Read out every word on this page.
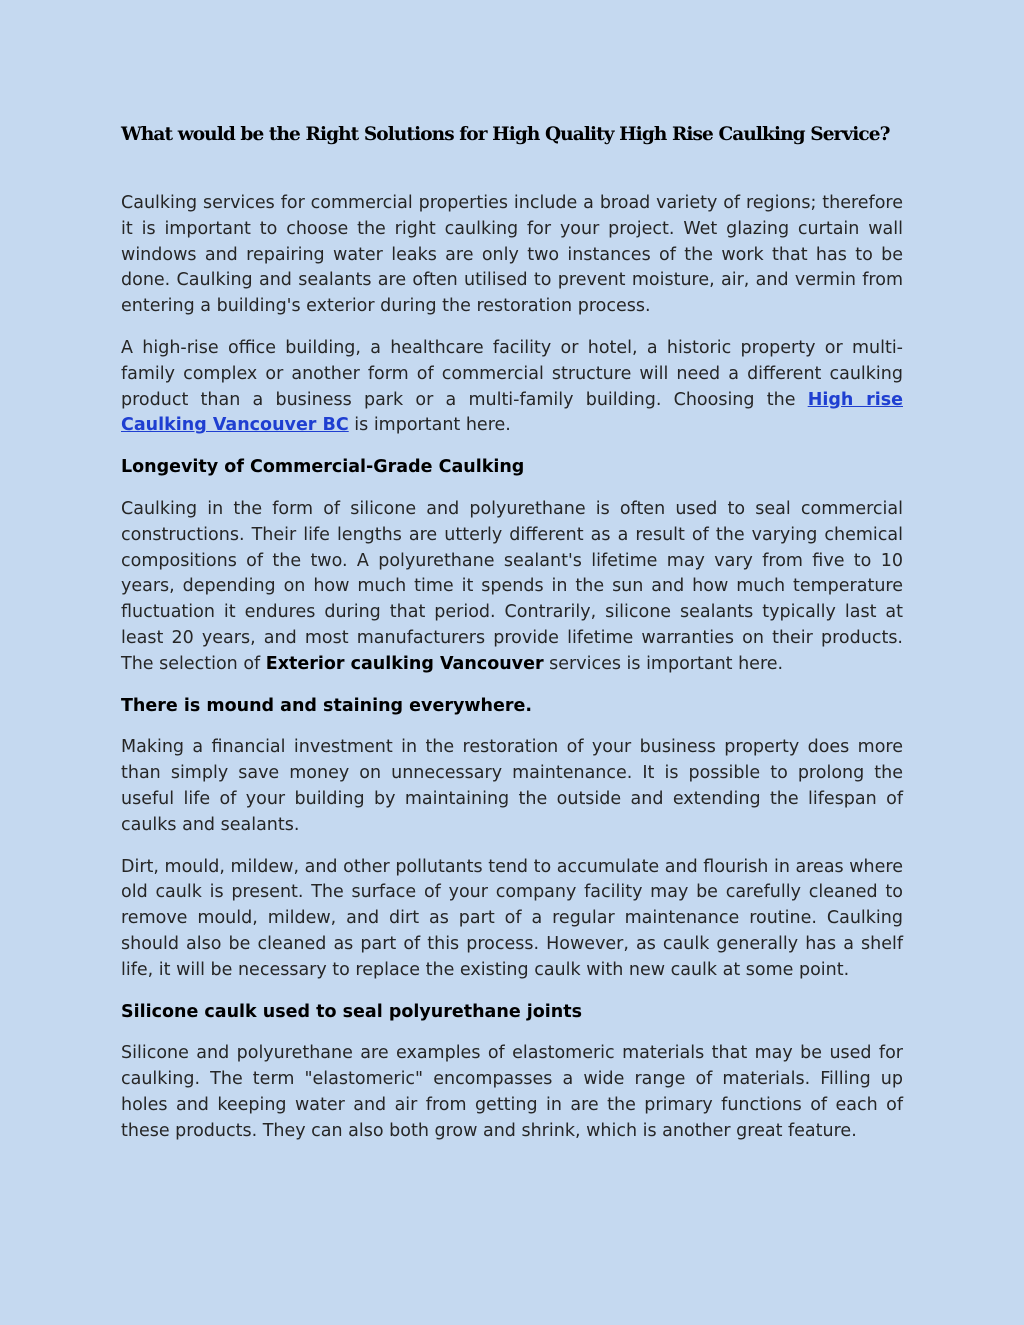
What would be the Right Solutions for High Quality High Rise Caulking Service?

Caulking services for commercial properties include a broad variety of regions; therefore it is important to choose the right caulking for your project. Wet glazing curtain wall windows and repairing water leaks are only two instances of the work that has to be done. Caulking and sealants are often utilised to prevent moisture, air, and vermin from entering a building's exterior during the restoration process.

A high-rise office building, a healthcare facility or hotel, a historic property or multi-family complex or another form of commercial structure will need a different caulking product than a business park or a multi-family building. Choosing the High rise Caulking Vancouver BC is important here.

Longevity of Commercial-Grade Caulking

Caulking in the form of silicone and polyurethane is often used to seal commercial constructions. Their life lengths are utterly different as a result of the varying chemical compositions of the two. A polyurethane sealant's lifetime may vary from five to 10 years, depending on how much time it spends in the sun and how much temperature fluctuation it endures during that period. Contrarily, silicone sealants typically last at least 20 years, and most manufacturers provide lifetime warranties on their products. The selection of Exterior caulking Vancouver services is important here.

There is mound and staining everywhere.

Making a financial investment in the restoration of your business property does more than simply save money on unnecessary maintenance. It is possible to prolong the useful life of your building by maintaining the outside and extending the lifespan of caulks and sealants.

Dirt, mould, mildew, and other pollutants tend to accumulate and flourish in areas where old caulk is present. The surface of your company facility may be carefully cleaned to remove mould, mildew, and dirt as part of a regular maintenance routine. Caulking should also be cleaned as part of this process. However, as caulk generally has a shelf life, it will be necessary to replace the existing caulk with new caulk at some point.

Silicone caulk used to seal polyurethane joints

Silicone and polyurethane are examples of elastomeric materials that may be used for caulking. The term "elastomeric" encompasses a wide range of materials. Filling up holes and keeping water and air from getting in are the primary functions of each of these products. They can also both grow and shrink, which is another great feature.
